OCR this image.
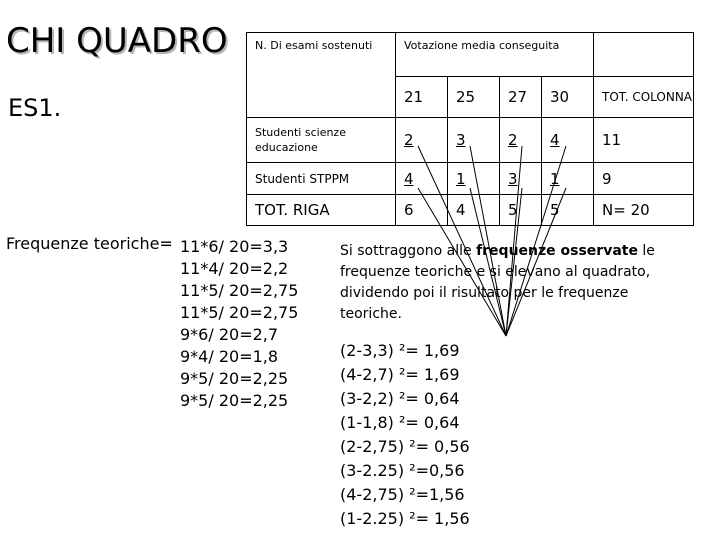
CHI QUADRO
ES1.
N. Di esami sostenuti	Votazione media conseguita				
	21	25	27	30	TOT. COLONNA
Studenti scienze educazione	2	3	2	4	11
Studenti STPPM	4	1	3	1	9
TOT. RIGA	6	4	5	5	N= 20
Frequenze teoriche= 11*6/ 20=3,3
11*4/ 20=2,2
11*5/ 20=2,75
11*5/ 20=2,75
9*6/ 20=2,7
9*4/ 20=1,8
9*5/ 20=2,25
9*5/ 20=2,25
Si sottraggono alle frequenze osservate le frequenze teoriche e si elevano al quadrato, dividendo poi il risultato per le frequenze teoriche.
(2-3,3) ²= 1,69
(4-2,7) ²= 1,69
(3-2,2) ²= 0,64
(1-1,8) ²= 0,64
(2-2,75) ²= 0,56
(3-2.25) ²=0,56
(4-2,75) ²=1,56
(1-2.25) ²= 1,56
